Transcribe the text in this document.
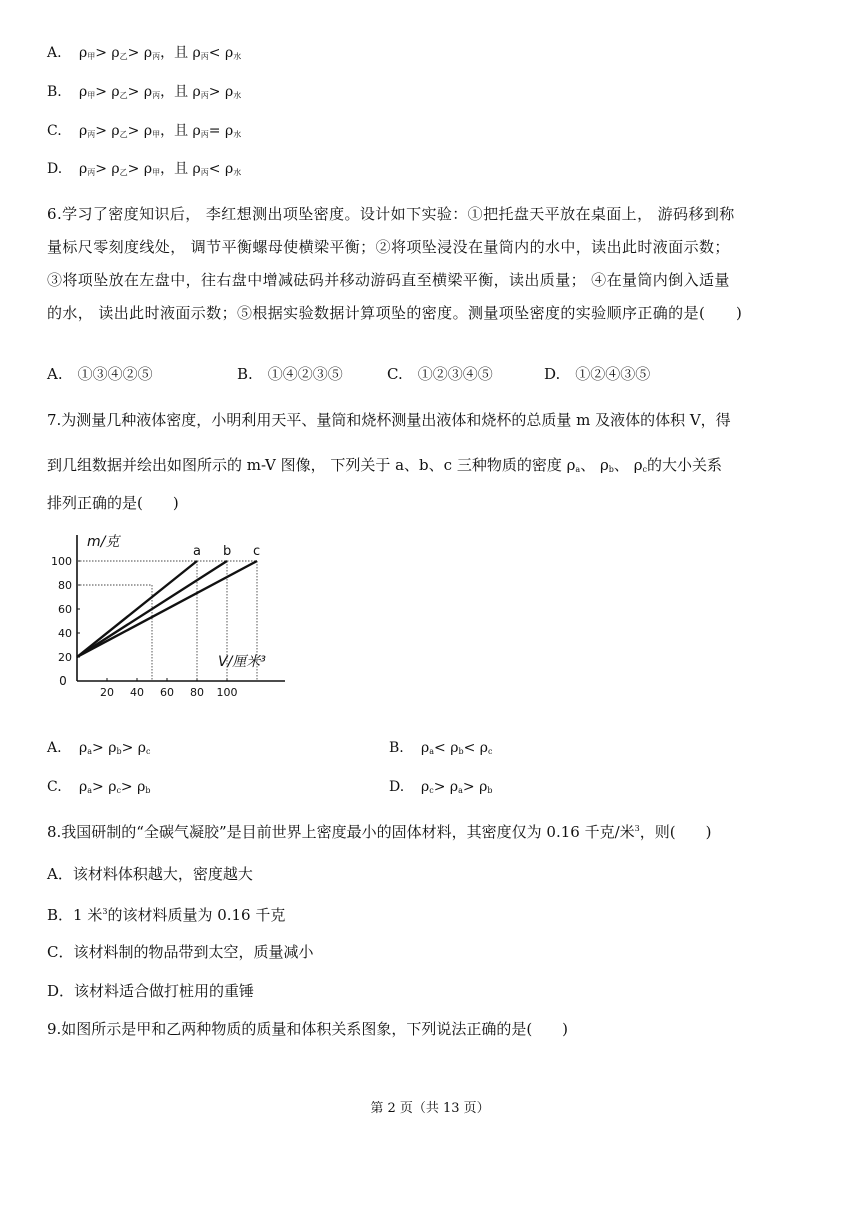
A. $\rho_甲> \rho_乙> \rho_丙$，且 $\rho_丙< \rho_水$
B. $\rho_甲> \rho_乙> \rho_丙$，且 $\rho_丙> \rho_水$
C. $\rho_丙> \rho_乙> \rho_甲$，且 $\rho_丙= \rho_水$
D. $\rho_丙> \rho_乙> \rho_甲$，且 $\rho_丙< \rho_水$
6.学习了密度知识后， 李红想测出项坠密度。设计如下实验：①把托盘天平放在桌面上， 游码移到称
量标尺零刻度线处， 调节平衡螺母使横梁平衡；②将项坠浸没在量筒内的水中，读出此时液面示数；
③将项坠放在左盘中，往右盘中增减砝码并移动游码直至横梁平衡，读出质量； ④在量筒内倒入适量
的水， 读出此时液面示数；⑤根据实验数据计算项坠的密度。测量项坠密度的实验顺序正确的是(　　)
A.　①③④②⑤	B.　①④②③⑤	C.　①②③④⑤	D.　①②④③⑤
7.为测量几种液体密度，小明利用天平、量筒和烧杯测量出液体和烧杯的总质量 m 及液体的体积 V，得
到几组数据并绘出如图所示的 m-V 图像， 下列关于 a、b、c 三种物质的密度 $\rho_a$、 $\rho_b$、 $\rho_c$的大小关系
排列正确的是(　　)
20 40 60 80 100
20
40
60
80
100
0
m/克
V/厘米³
a b c
A. $\rho_a> \rho_b> \rho_c$	B. $\rho_a< \rho_b< \rho_c$
C. $\rho_a> \rho_c> \rho_b$	D. $\rho_c> \rho_a> \rho_b$
8.我国研制的“全碳气凝胶”是目前世界上密度最小的固体材料，其密度仅为 0.16 千克/米$^3$，则(　　)
A．该材料体积越大，密度越大
B．1 米$^3$的该材料质量为 0.16 千克
C．该材料制的物品带到太空，质量减小
D．该材料适合做打桩用的重锤
9.如图所示是甲和乙两种物质的质量和体积关系图象，下列说法正确的是(　　)
第 2 页（共 13 页）
